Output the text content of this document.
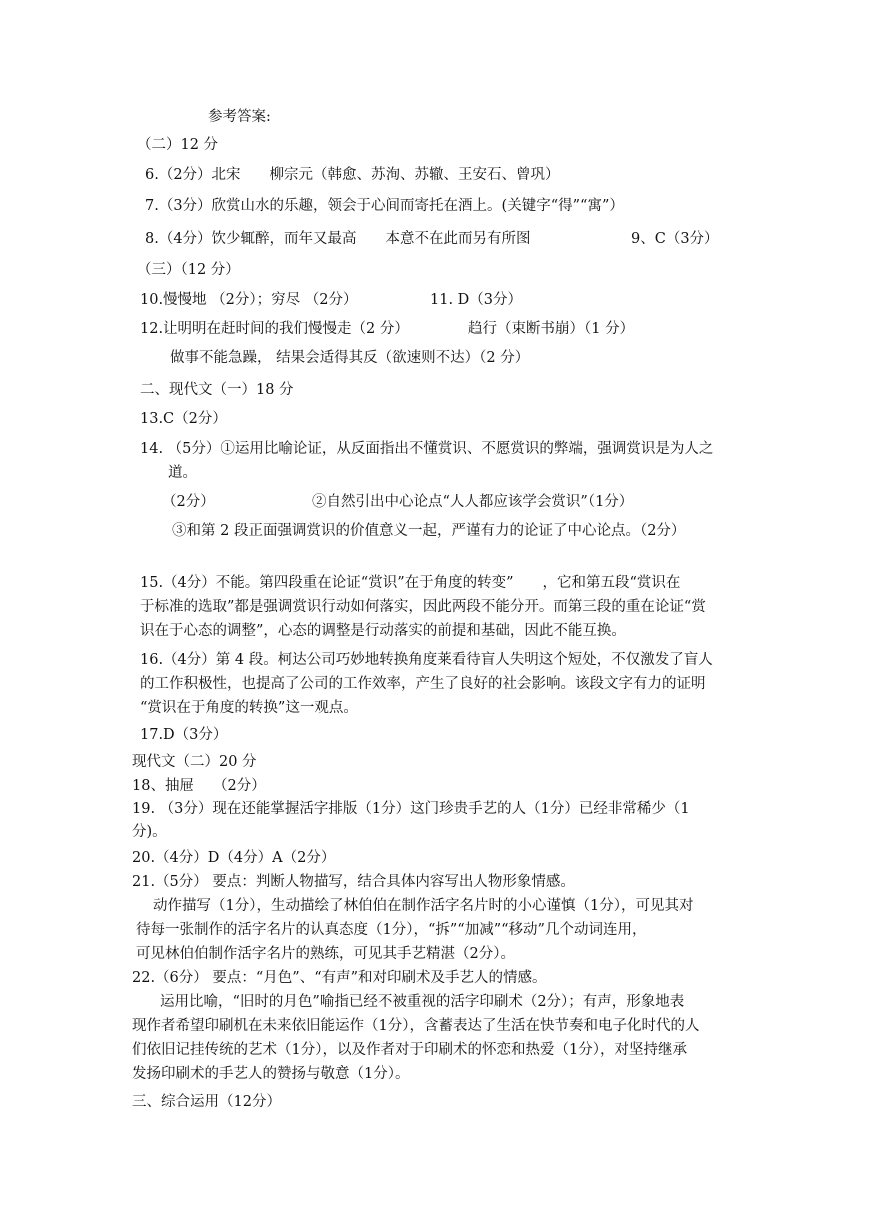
参考答案:

（二）12 分

6.（2分）北宋　　柳宗元（韩愈、苏洵、苏辙、王安石、曾巩）

7.（3分）欣赏山水的乐趣，领会于心间而寄托在酒上。(关键字“得”“寓”）

8.（4分）饮少辄醉，而年又最高　　本意不在此而另有所图	9、C（3分）

（三）（12 分）

10.慢慢地 （2分）；穷尽 （2分）	11. D（3分）

12.让明明在赶时间的我们慢慢走（2 分）	趋行（束断书崩）（1 分）

做事不能急躁， 结果会适得其反（欲速则不达）（2 分）

二、现代文（一）18 分

13.C（2分）

14. （5分）①运用比喻论证，从反面指出不懂赏识、不愿赏识的弊端，强调赏识是为人之

道。

（2分）	②自然引出中心论点“人人都应该学会赏识”（1分）

③和第 2 段正面强调赏识的价值意义一起，严谨有力的论证了中心论点。（2分）

15.（4分）不能。第四段重在论证“赏识”在于角度的转变”　　，它和第五段“赏识在

于标准的选取”都是强调赏识行动如何落实，因此两段不能分开。而第三段的重在论证“赏

识在于心态的调整”，心态的调整是行动落实的前提和基础，因此不能互换。

16.（4分）第 4 段。柯达公司巧妙地转换角度莱看待盲人失明这个短处，不仅激发了盲人

的工作积极性，也提高了公司的工作效率，产生了良好的社会影响。该段文字有力的证明

“赏识在于角度的转换”这一观点。

17.D（3分）

现代文（二）20 分

18、抽屉　 （2分）

19. （3分）现在还能掌握活字排版（1分）这门珍贵手艺的人（1分）已经非常稀少（1

分)。

20.（4分）D（4分）A（2分）

21.（5分） 要点：判断人物描写，结合具体内容写出人物形象情感。

动作描写（1分），生动描绘了林伯伯在制作活字名片时的小心谨慎（1分），可见其对

待每一张制作的活字名片的认真态度（1分），“拆”“加减”“移动”几个动词连用，

可见林伯伯制作活字名片的熟练，可见其手艺精湛（2分）。

22.（6分） 要点：“月色”、“有声”和对印刷术及手艺人的情感。

运用比喻，“旧时的月色”喻指已经不被重视的活字印刷术（2分）；有声，形象地表

现作者希望印刷机在未来依旧能运作（1分），含蓄表达了生活在快节奏和电子化时代的人

们依旧记挂传统的艺术（1分），以及作者对于印刷术的怀恋和热爱（1分），对坚持继承

发扬印刷术的手艺人的赞扬与敬意（1分）。

三、综合运用（12分）
